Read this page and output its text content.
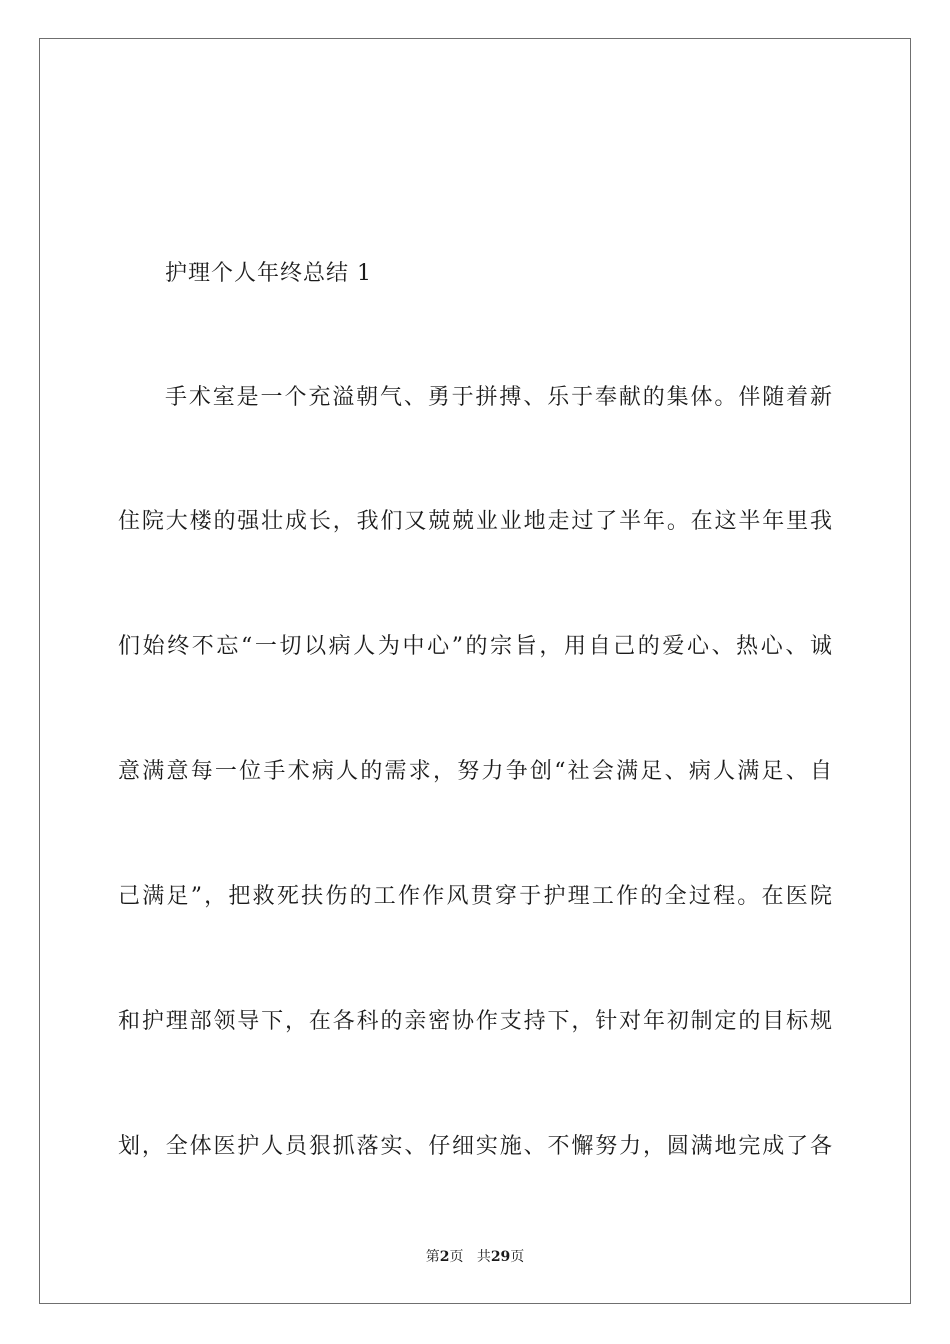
护理个人年终总结 1
手术室是一个充溢朝气、勇于拼搏、乐于奉献的集体。伴随着新
住院大楼的强壮成长，我们又兢兢业业地走过了半年。在这半年里我
们始终不忘“一切以病人为中心”的宗旨，用自己的爱心、热心、诚
意满意每一位手术病人的需求，努力争创“社会满足、病人满足、自
己满足”，把救死扶伤的工作作风贯穿于护理工作的全过程。在医院
和护理部领导下，在各科的亲密协作支持下，针对年初制定的目标规
划，全体医护人员狠抓落实、仔细实施、不懈努力，圆满地完成了各
第2页 共29页
